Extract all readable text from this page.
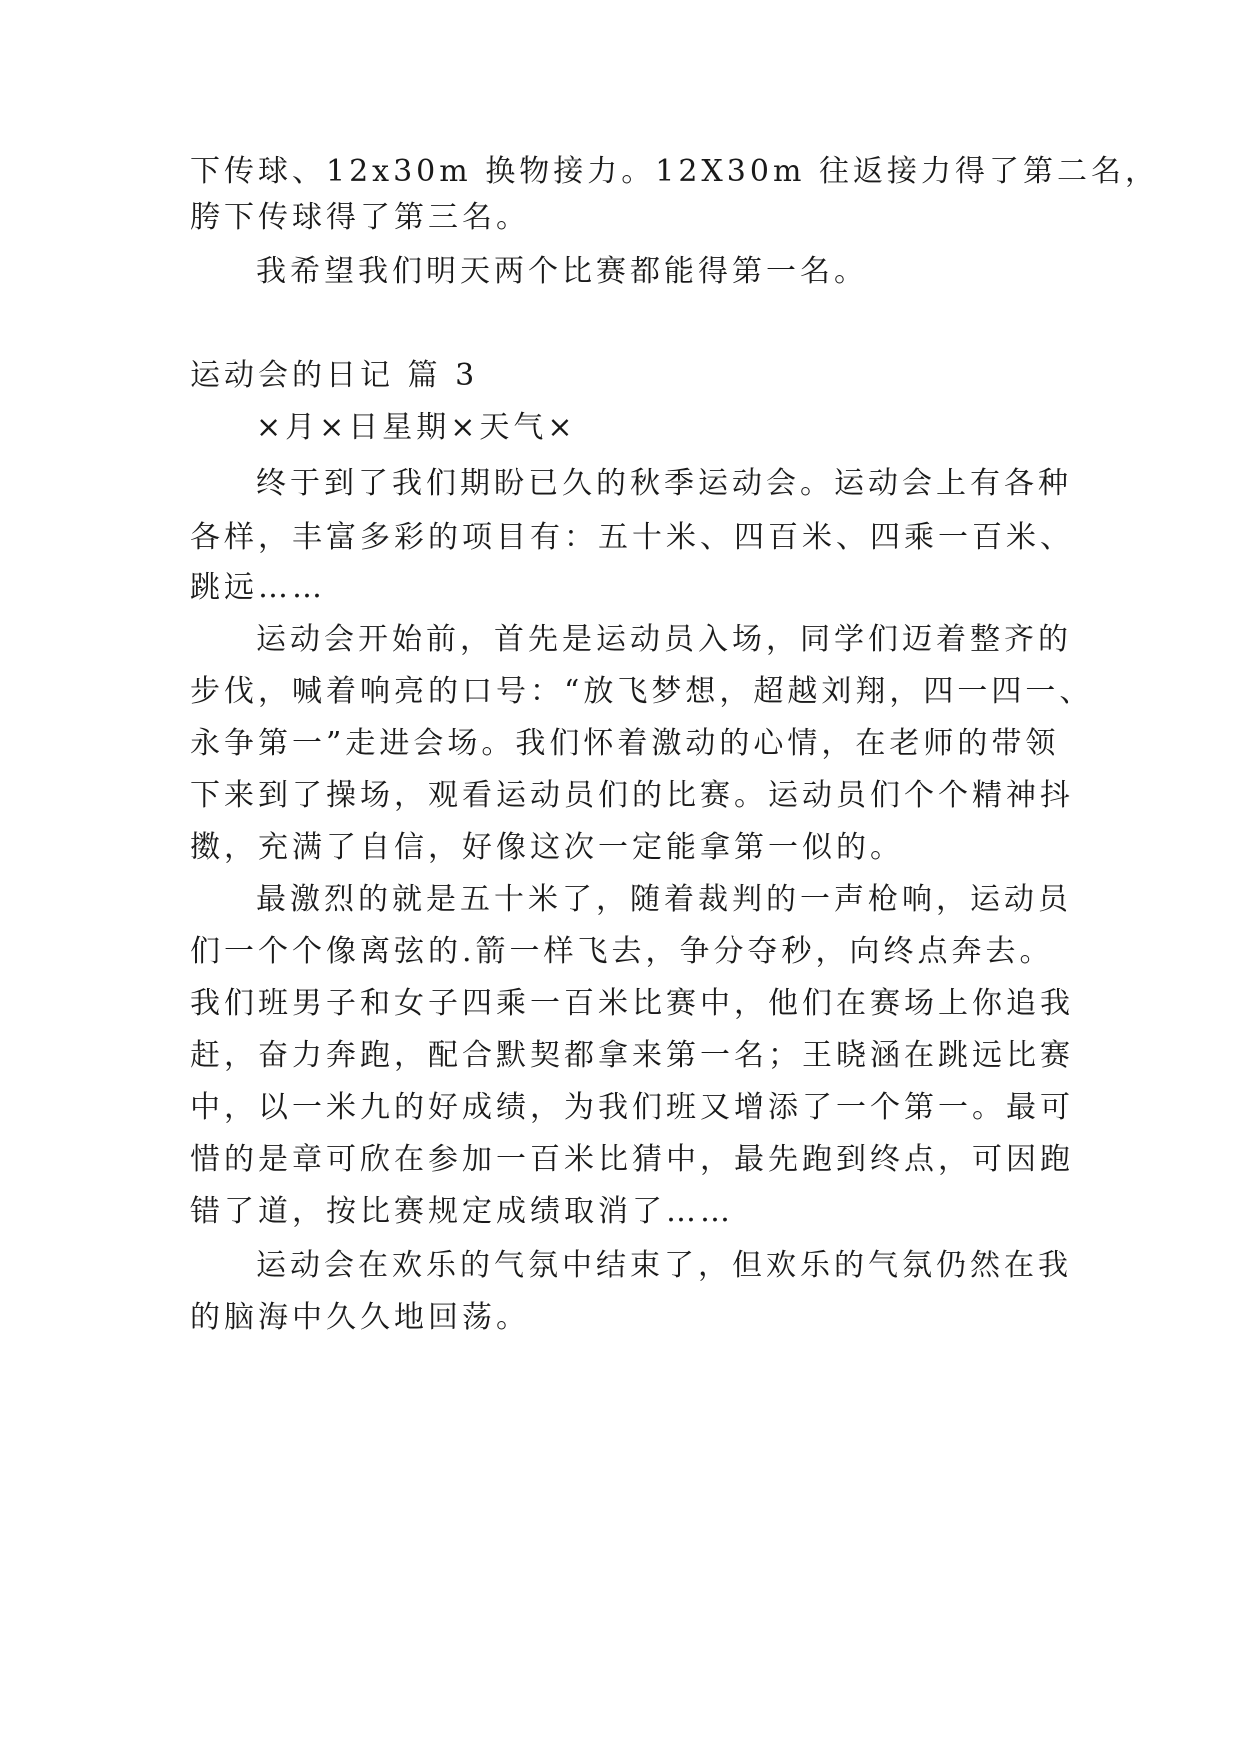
下传球、12x30m 换物接力。12X30m 往返接力得了第二名，

胯下传球得了第三名。

我希望我们明天两个比赛都能得第一名。

运动会的日记 篇 3

×月×日星期×天气×

终于到了我们期盼已久的秋季运动会。运动会上有各种

各样，丰富多彩的项目有：五十米、四百米、四乘一百米、

跳远……

运动会开始前，首先是运动员入场，同学们迈着整齐的

步伐，喊着响亮的口号：“放飞梦想，超越刘翔，四一四一、

永争第一”走进会场。我们怀着激动的心情，在老师的带领

下来到了操场，观看运动员们的比赛。运动员们个个精神抖

擞，充满了自信，好像这次一定能拿第一似的。

最激烈的就是五十米了，随着裁判的一声枪响，运动员

们一个个像离弦的.箭一样飞去，争分夺秒，向终点奔去。

我们班男子和女子四乘一百米比赛中，他们在赛场上你追我

赶，奋力奔跑，配合默契都拿来第一名；王晓涵在跳远比赛

中，以一米九的好成绩，为我们班又增添了一个第一。最可

惜的是章可欣在参加一百米比猜中，最先跑到终点，可因跑

错了道，按比赛规定成绩取消了……

运动会在欢乐的气氛中结束了，但欢乐的气氛仍然在我

的脑海中久久地回荡。
